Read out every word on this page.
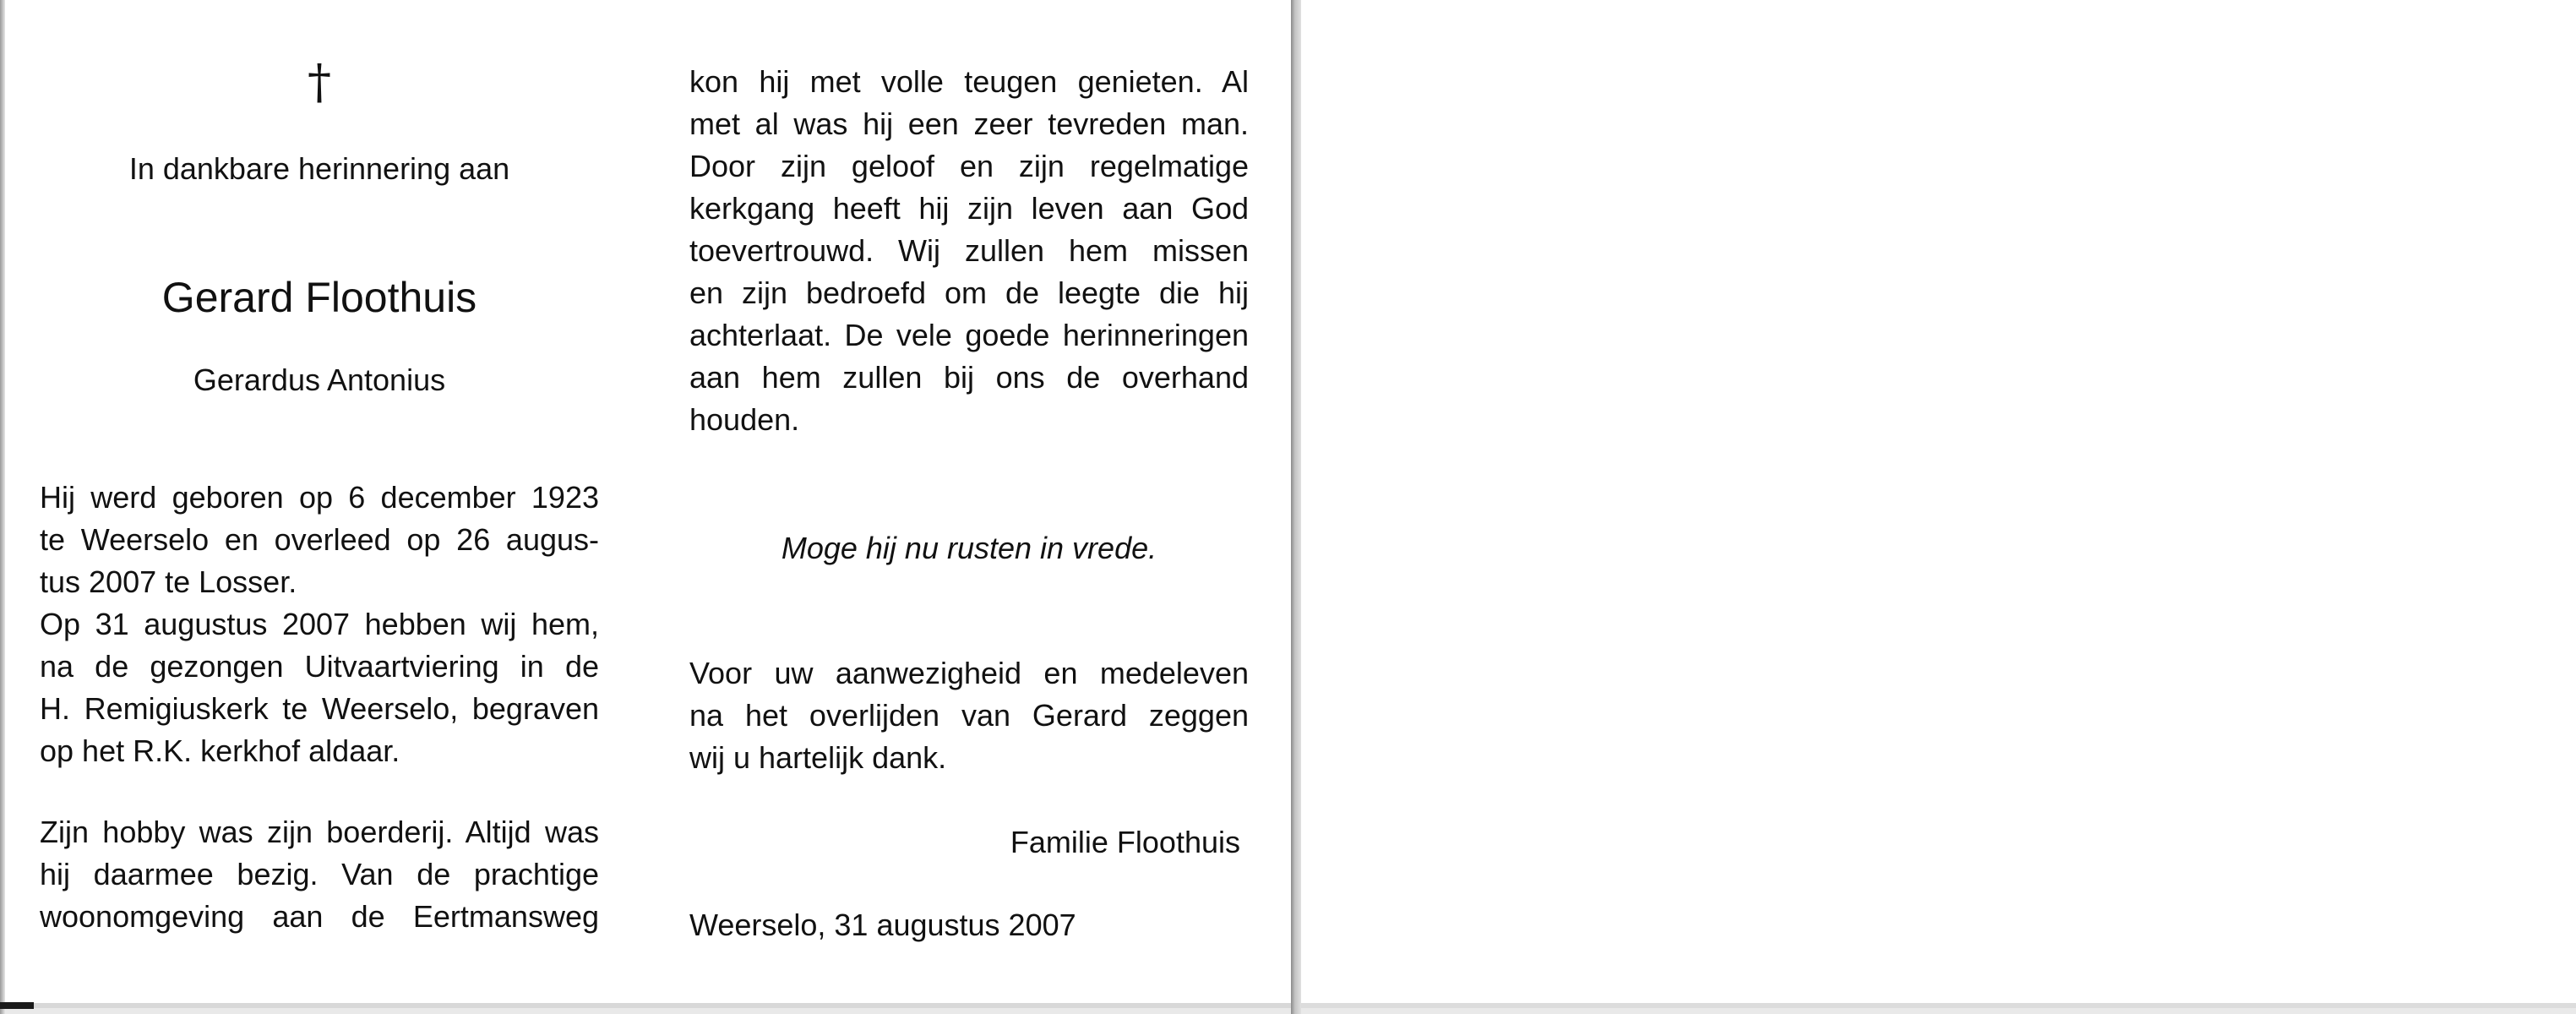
†

In dankbare herinnering aan

Gerard Floothuis

Gerardus Antonius

Hij werd geboren op 6 december 1923
te Weerselo en overleed op 26 augus-
tus 2007 te Losser.
Op 31 augustus 2007 hebben wij hem,
na de gezongen Uitvaartviering in de
H. Remigiuskerk te Weerselo, begraven
op het R.K. kerkhof aldaar.

Zijn hobby was zijn boerderij. Altijd was
hij daarmee bezig. Van de prachtige
woonomgeving aan de Eertmansweg

kon hij met volle teugen genieten. Al
met al was hij een zeer tevreden man.
Door zijn geloof en zijn regelmatige
kerkgang heeft hij zijn leven aan God
toevertrouwd. Wij zullen hem missen
en zijn bedroefd om de leegte die hij
achterlaat. De vele goede herinneringen
aan hem zullen bij ons de overhand
houden.

Moge hij nu rusten in vrede.

Voor uw aanwezigheid en medeleven
na het overlijden van Gerard zeggen
wij u hartelijk dank.

Familie Floothuis

Weerselo, 31 augustus 2007
